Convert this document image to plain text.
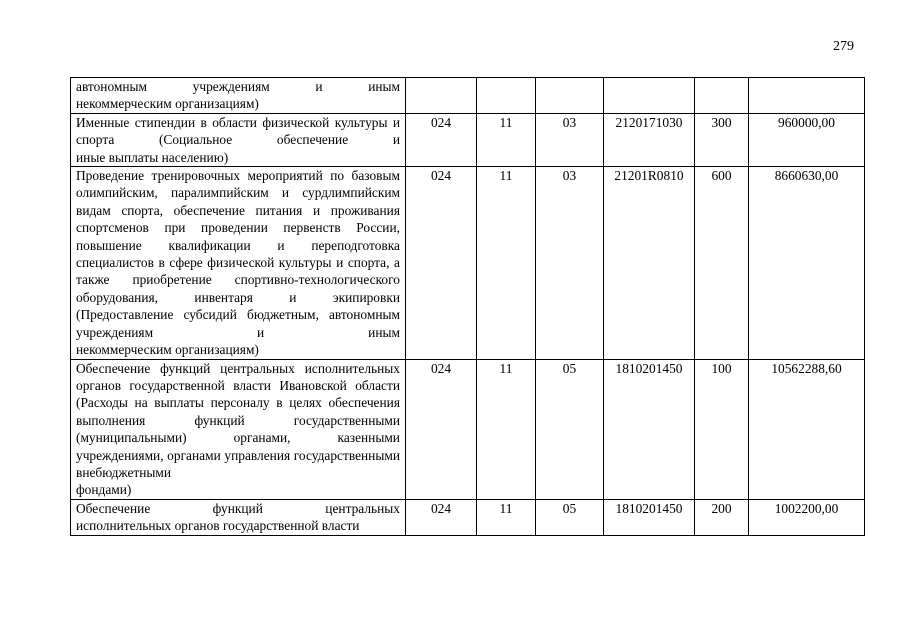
279
автономным учреждениям и иным
некоммерческим организациям)						

Именные стипендии в области физической культуры и спорта (Социальное обеспечение и
иные выплаты населению)	024	11	03	2120171030	300	960000,00
Проведение тренировочных мероприятий по базовым олимпийским, паралимпийским и сурдлимпийским видам спорта, обеспечение питания и проживания спортсменов при проведении первенств России, повышение квалификации и переподготовка специалистов в сфере физической культуры и спорта, а также приобретение спортивно-технологического оборудования, инвентаря и экипировки (Предоставление субсидий бюджетным, автономным учреждениям и иным
некоммерческим организациям)	024	11	03	21201R0810	600	8660630,00
Обеспечение функций центральных исполнительных органов государственной власти Ивановской области (Расходы на выплаты персоналу в целях обеспечения выполнения функций государственными (муниципальными) органами, казенными учреждениями, органами управления государственными внебюджетными
фондами)	024	11	05	1810201450	100	10562288,60
Обеспечение функций центральных
исполнительных органов государственной власти	024	11	05	1810201450	200	1002200,00
